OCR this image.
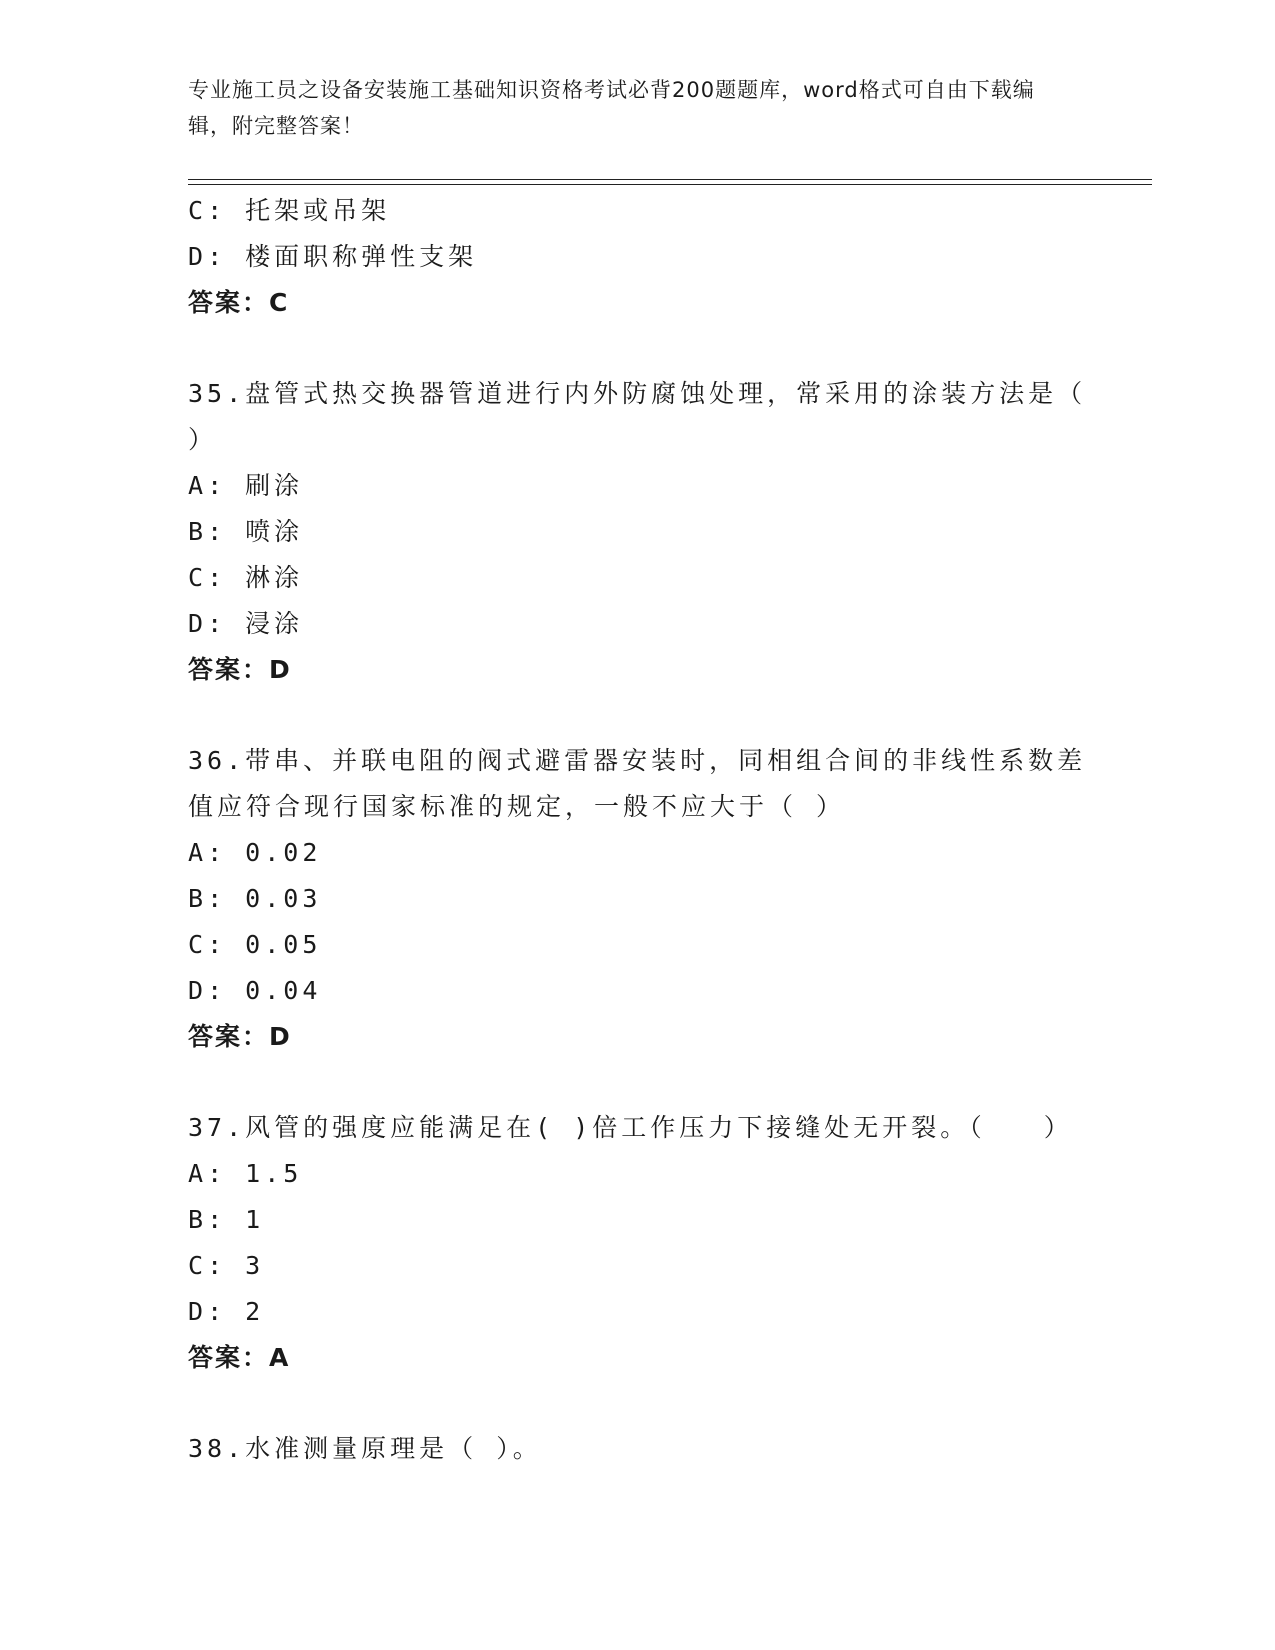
专业施工员之设备安装施工基础知识资格考试必背200题题库，word格式可自由下载编辑，附完整答案！
C: 托架或吊架
D: 楼面职称弹性支架
答案：C
35.盘管式热交换器管道进行内外防腐蚀处理，常采用的涂装方法是（
）
A: 刷涂
B: 喷涂
C: 淋涂
D: 浸涂
答案：D
36.带串、并联电阻的阀式避雷器安装时，同相组合间的非线性系数差
值应符合现行国家标准的规定，一般不应大于（ ）
A: 0.02
B: 0.03
C: 0.05
D: 0.04
答案：D
37.风管的强度应能满足在( )倍工作压力下接缝处无开裂。（　　）
A: 1.5
B: 1
C: 3
D: 2
答案：A
38.水准测量原理是（ ）。
